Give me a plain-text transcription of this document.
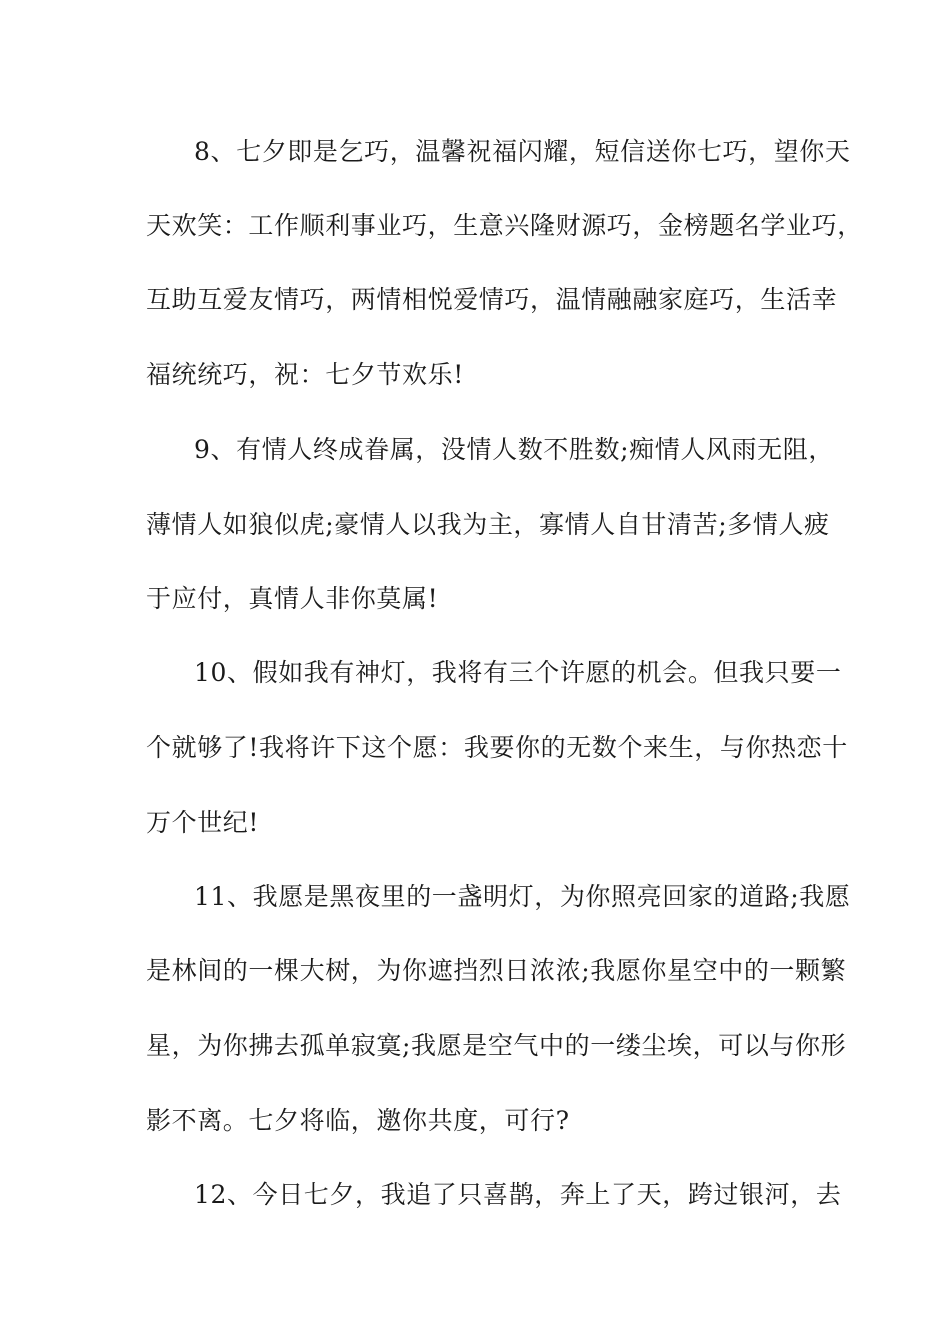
8、七夕即是乞巧，温馨祝福闪耀，短信送你七巧，望你天

天欢笑：工作顺利事业巧，生意兴隆财源巧，金榜题名学业巧，

互助互爱友情巧，两情相悦爱情巧，温情融融家庭巧，生活幸

福统统巧，祝：七夕节欢乐!

9、有情人终成眷属，没情人数不胜数;痴情人风雨无阻，

薄情人如狼似虎;豪情人以我为主，寡情人自甘清苦;多情人疲

于应付，真情人非你莫属!

10、假如我有神灯，我将有三个许愿的机会。但我只要一

个就够了!我将许下这个愿：我要你的无数个来生，与你热恋十

万个世纪!

11、我愿是黑夜里的一盏明灯，为你照亮回家的道路;我愿

是林间的一棵大树，为你遮挡烈日浓浓;我愿你星空中的一颗繁

星，为你拂去孤单寂寞;我愿是空气中的一缕尘埃，可以与你形

影不离。七夕将临，邀你共度，可行?

12、今日七夕，我追了只喜鹊，奔上了天，跨过银河，去
